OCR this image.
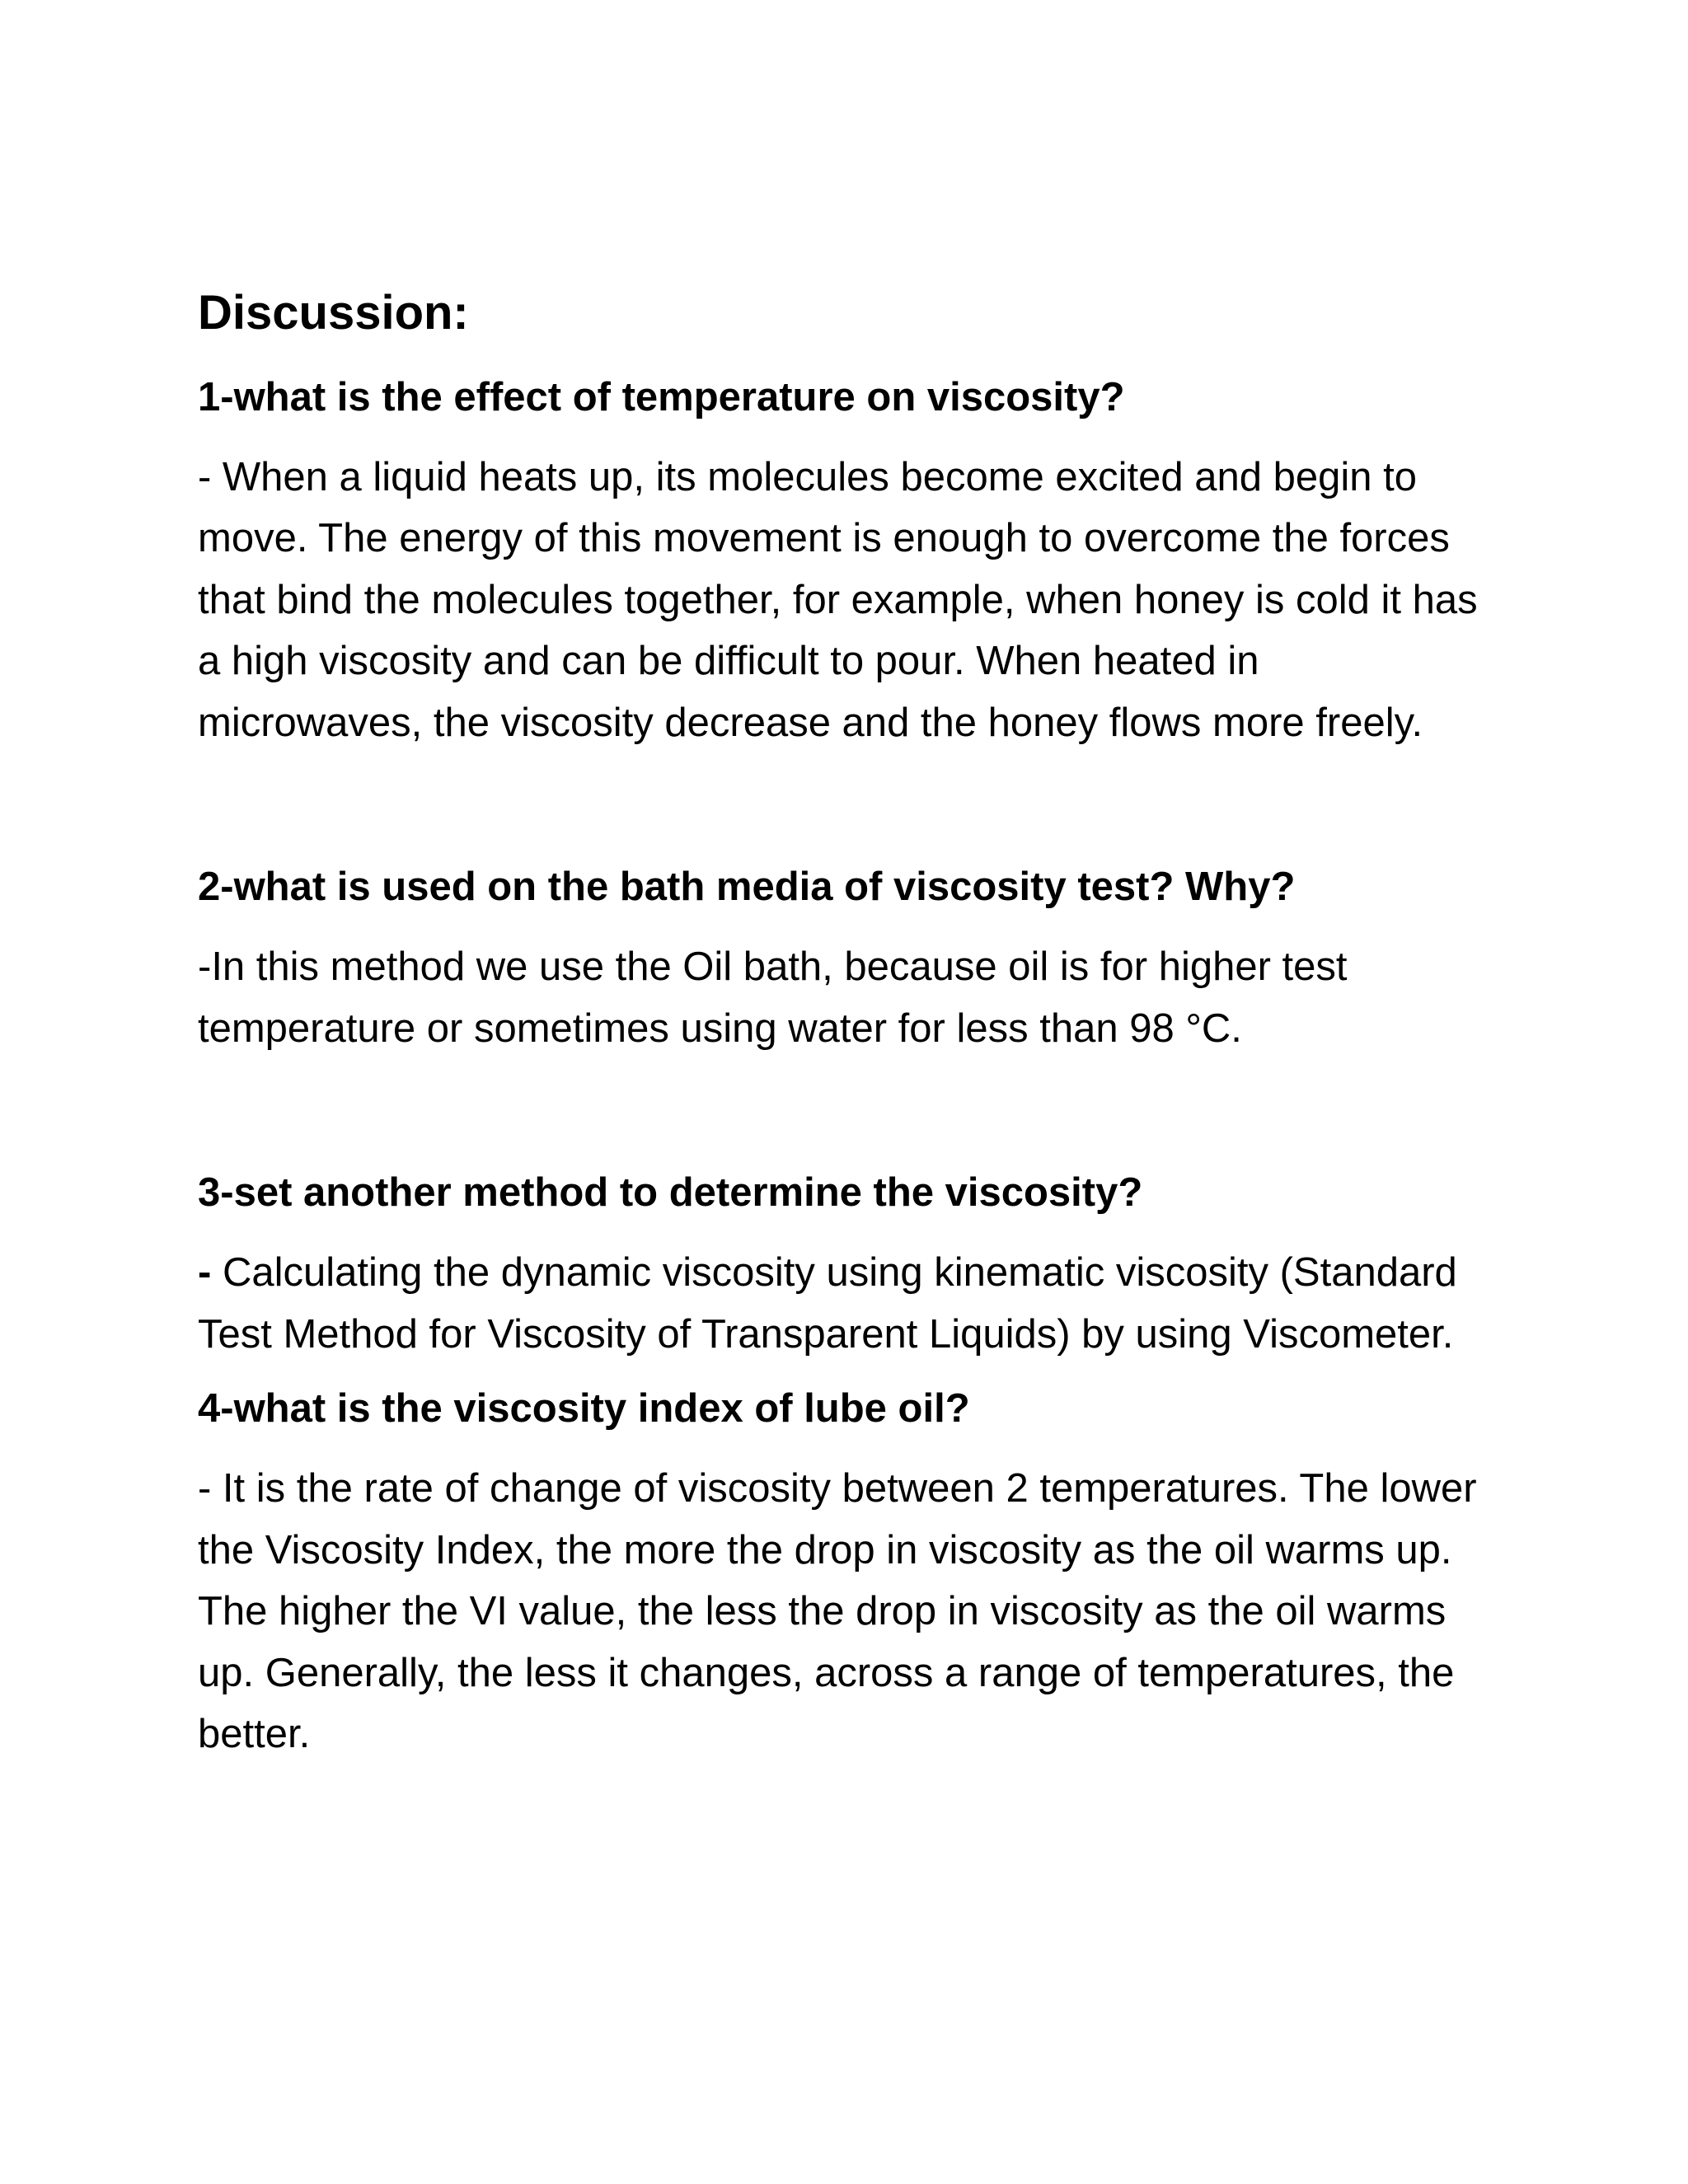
Discussion:

1-what is the effect of temperature on viscosity?

- When a liquid heats up, its molecules become excited and begin to move. The energy of this movement is enough to overcome the forces that bind the molecules together, for example, when honey is cold it has a high viscosity and can be difficult to pour. When heated in microwaves, the viscosity decrease and the honey flows more freely.

2-what is used on the bath media of viscosity test? Why?

-In this method we use the Oil bath, because oil is for higher test temperature or sometimes using water for less than 98 °C.

3-set another method to determine the viscosity?

- Calculating the dynamic viscosity using kinematic viscosity (Standard Test Method for Viscosity of Transparent Liquids) by using Viscometer.

4-what is the viscosity index of lube oil?

- It is the rate of change of viscosity between 2 temperatures. The lower the Viscosity Index, the more the drop in viscosity as the oil warms up. The higher the VI value, the less the drop in viscosity as the oil warms up. Generally, the less it changes, across a range of temperatures, the better.
